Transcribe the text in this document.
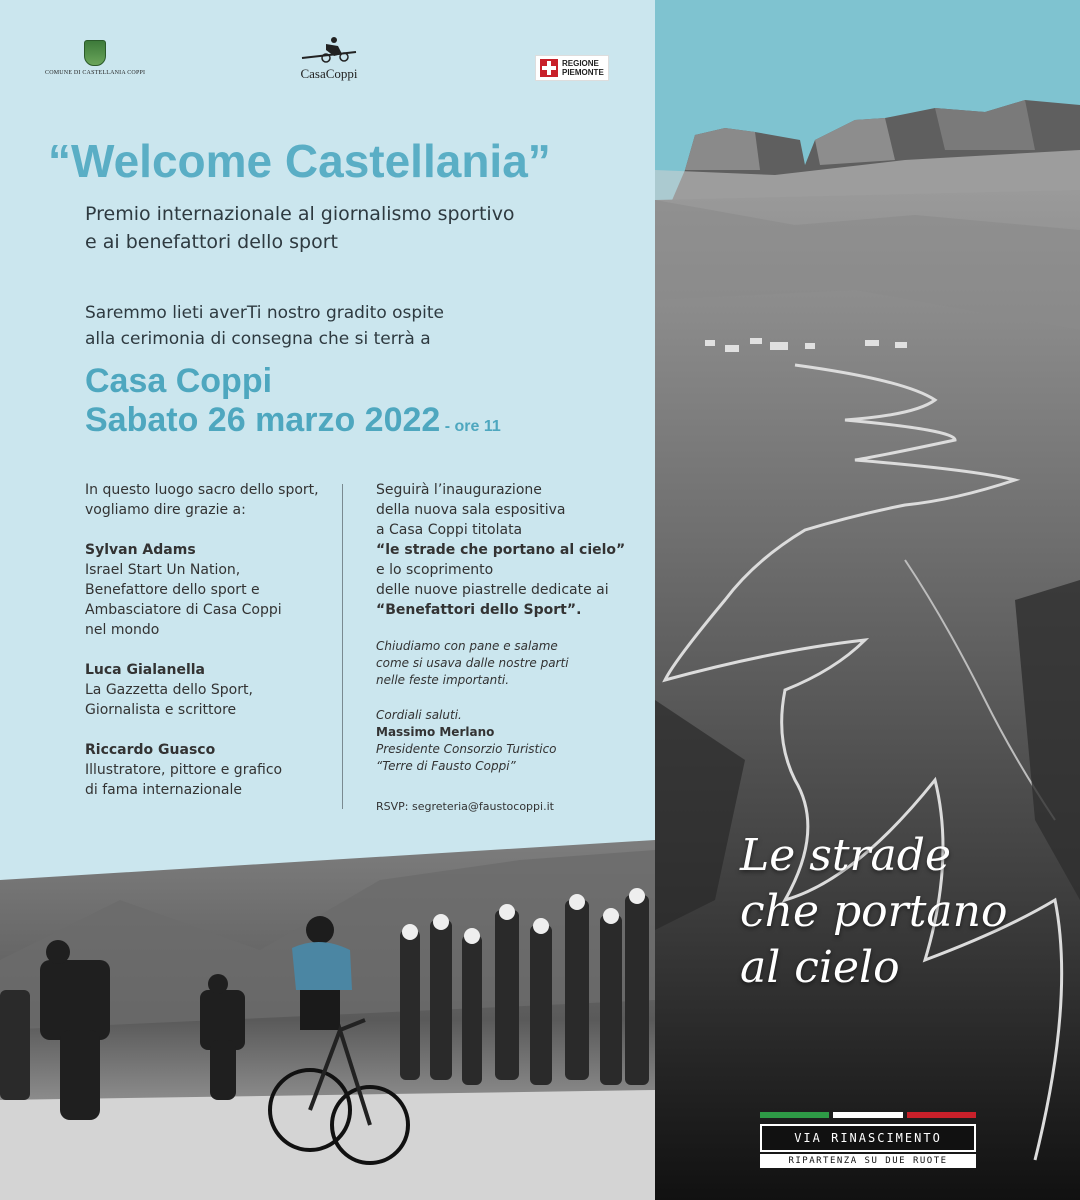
COMUNE DI CASTELLANIA COPPI	CasaCoppi
REGIONE
PIEMONTE
“Welcome Castellania”
Premio internazionale al giornalismo sportivo
e ai benefattori dello sport
Saremmo lieti averTi nostro gradito ospite
alla cerimonia di consegna che si terrà a
Casa Coppi
Sabato 26 marzo 2022 - ore 11

In questo luogo sacro dello sport,
vogliamo dire grazie a:

Sylvan Adams
Israel Start Un Nation,
Benefattore dello sport e
Ambasciatore di Casa Coppi
nel mondo

Luca Gialanella
La Gazzetta dello Sport,
Giornalista e scrittore

Riccardo Guasco
Illustratore, pittore e grafico
di fama internazionale

Seguirà l’inaugurazione
della nuova sala espositiva
a Casa Coppi titolata
“le strade che portano al cielo”
e lo scoprimento
delle nuove piastrelle dedicate ai
“Benefattori dello Sport”.
Chiudiamo con pane e salame
come si usava dalle nostre parti
nelle feste importanti.
Cordiali saluti.
Massimo Merlano
Presidente Consorzio Turistico
“Terre di Fausto Coppi”
RSVP: segreteria@faustocoppi.it
Le strade
che portano
al cielo
VIA RINASCIMENTO
RIPARTENZA SU DUE RUOTE
